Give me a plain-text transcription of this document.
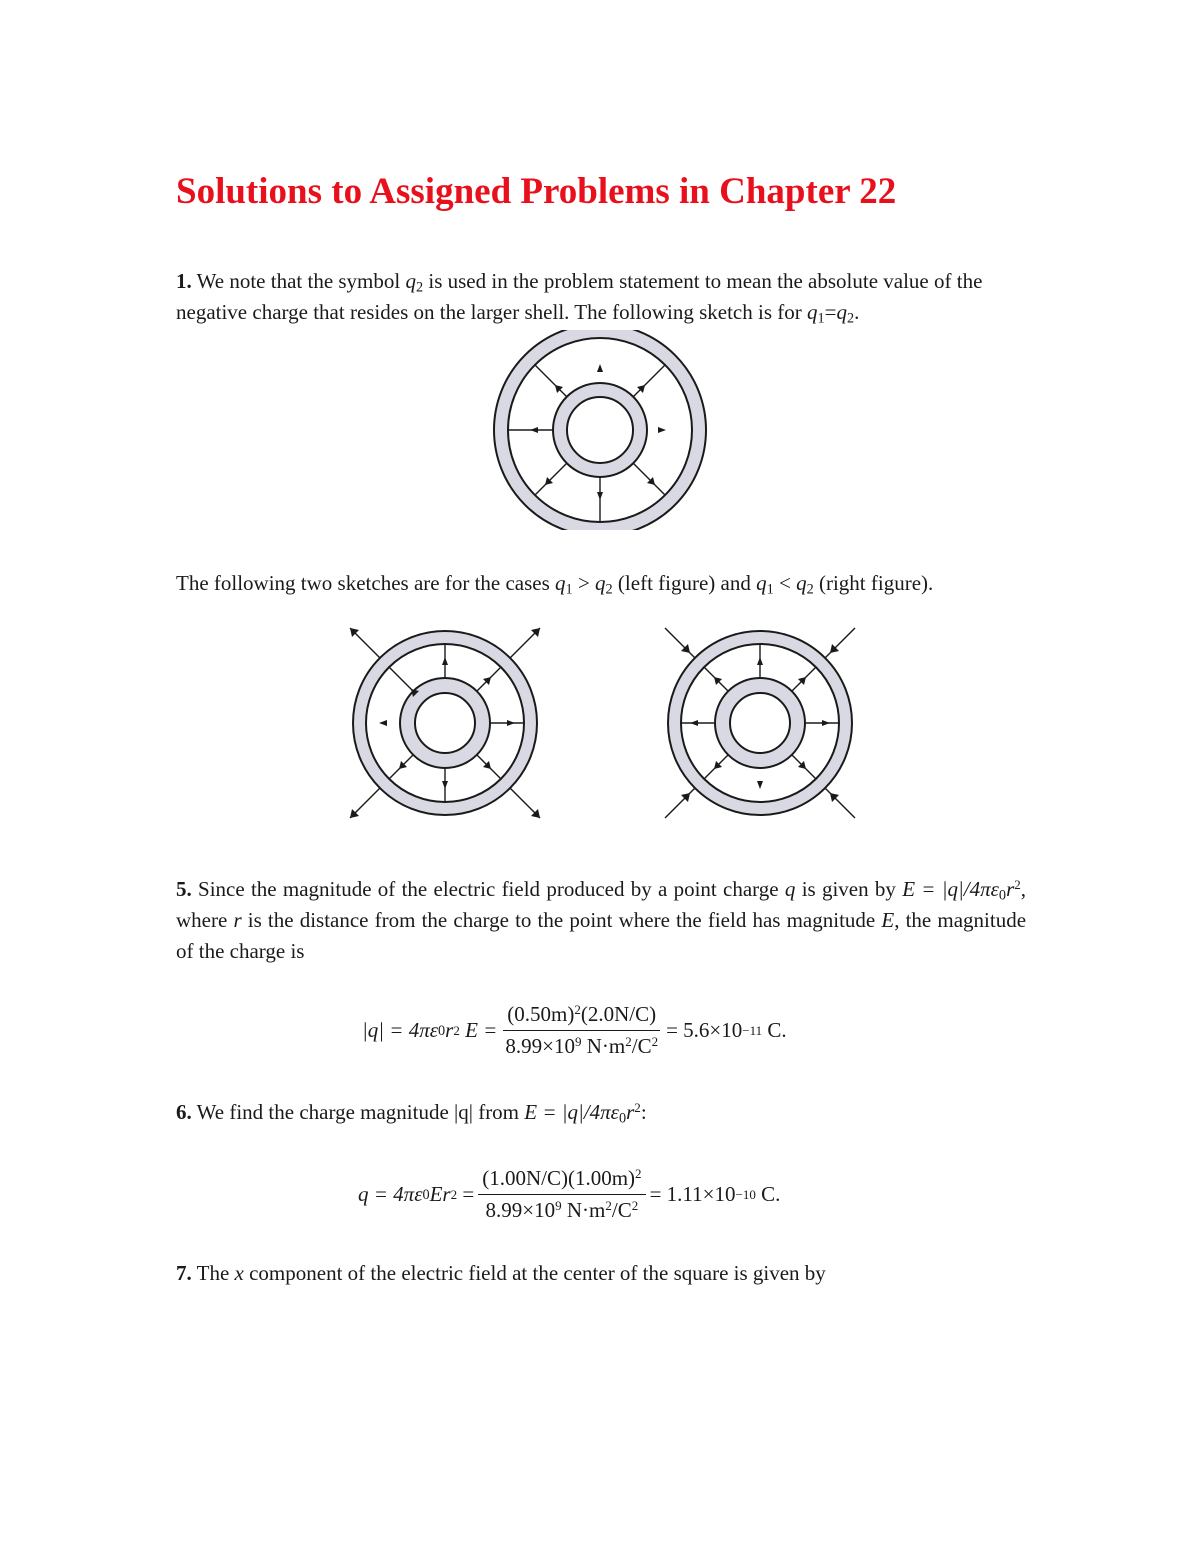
Solutions to Assigned Problems in Chapter 22
1. We note that the symbol $q_2$ is used in the problem statement to mean the absolute value of the negative charge that resides on the larger shell. The following sketch is for $q_1=q_2$.
The following two sketches are for the cases $q_1 > q_2$ (left figure) and $q_1 < q_2$ (right figure).
5. Since the magnitude of the electric field produced by a point charge q is given by $E = |q|/4\pi\varepsilon_0r^2$, where r is the distance from the charge to the point where the field has magnitude E, the magnitude of the charge is
|q| = 4πε 0 r 2
$E = \frac{(0.50m)^2(2.0N/C)}{8.99\times 10^9 N\cdot m^2/C^2} = 5.6\times 10 -11$
C.
6. We find the charge magnitude |q| from $E = |q|/4\pi\varepsilon_0r^2$:
q = 4πε 0 Er 2
= $\frac{(1.00N/C)(1.00m)^2}{8.99\times 10^9 N\cdot m^2/C^2} = 1.11\times 10 -10$
C.
7. The x component of the electric field at the center of the square is given by
